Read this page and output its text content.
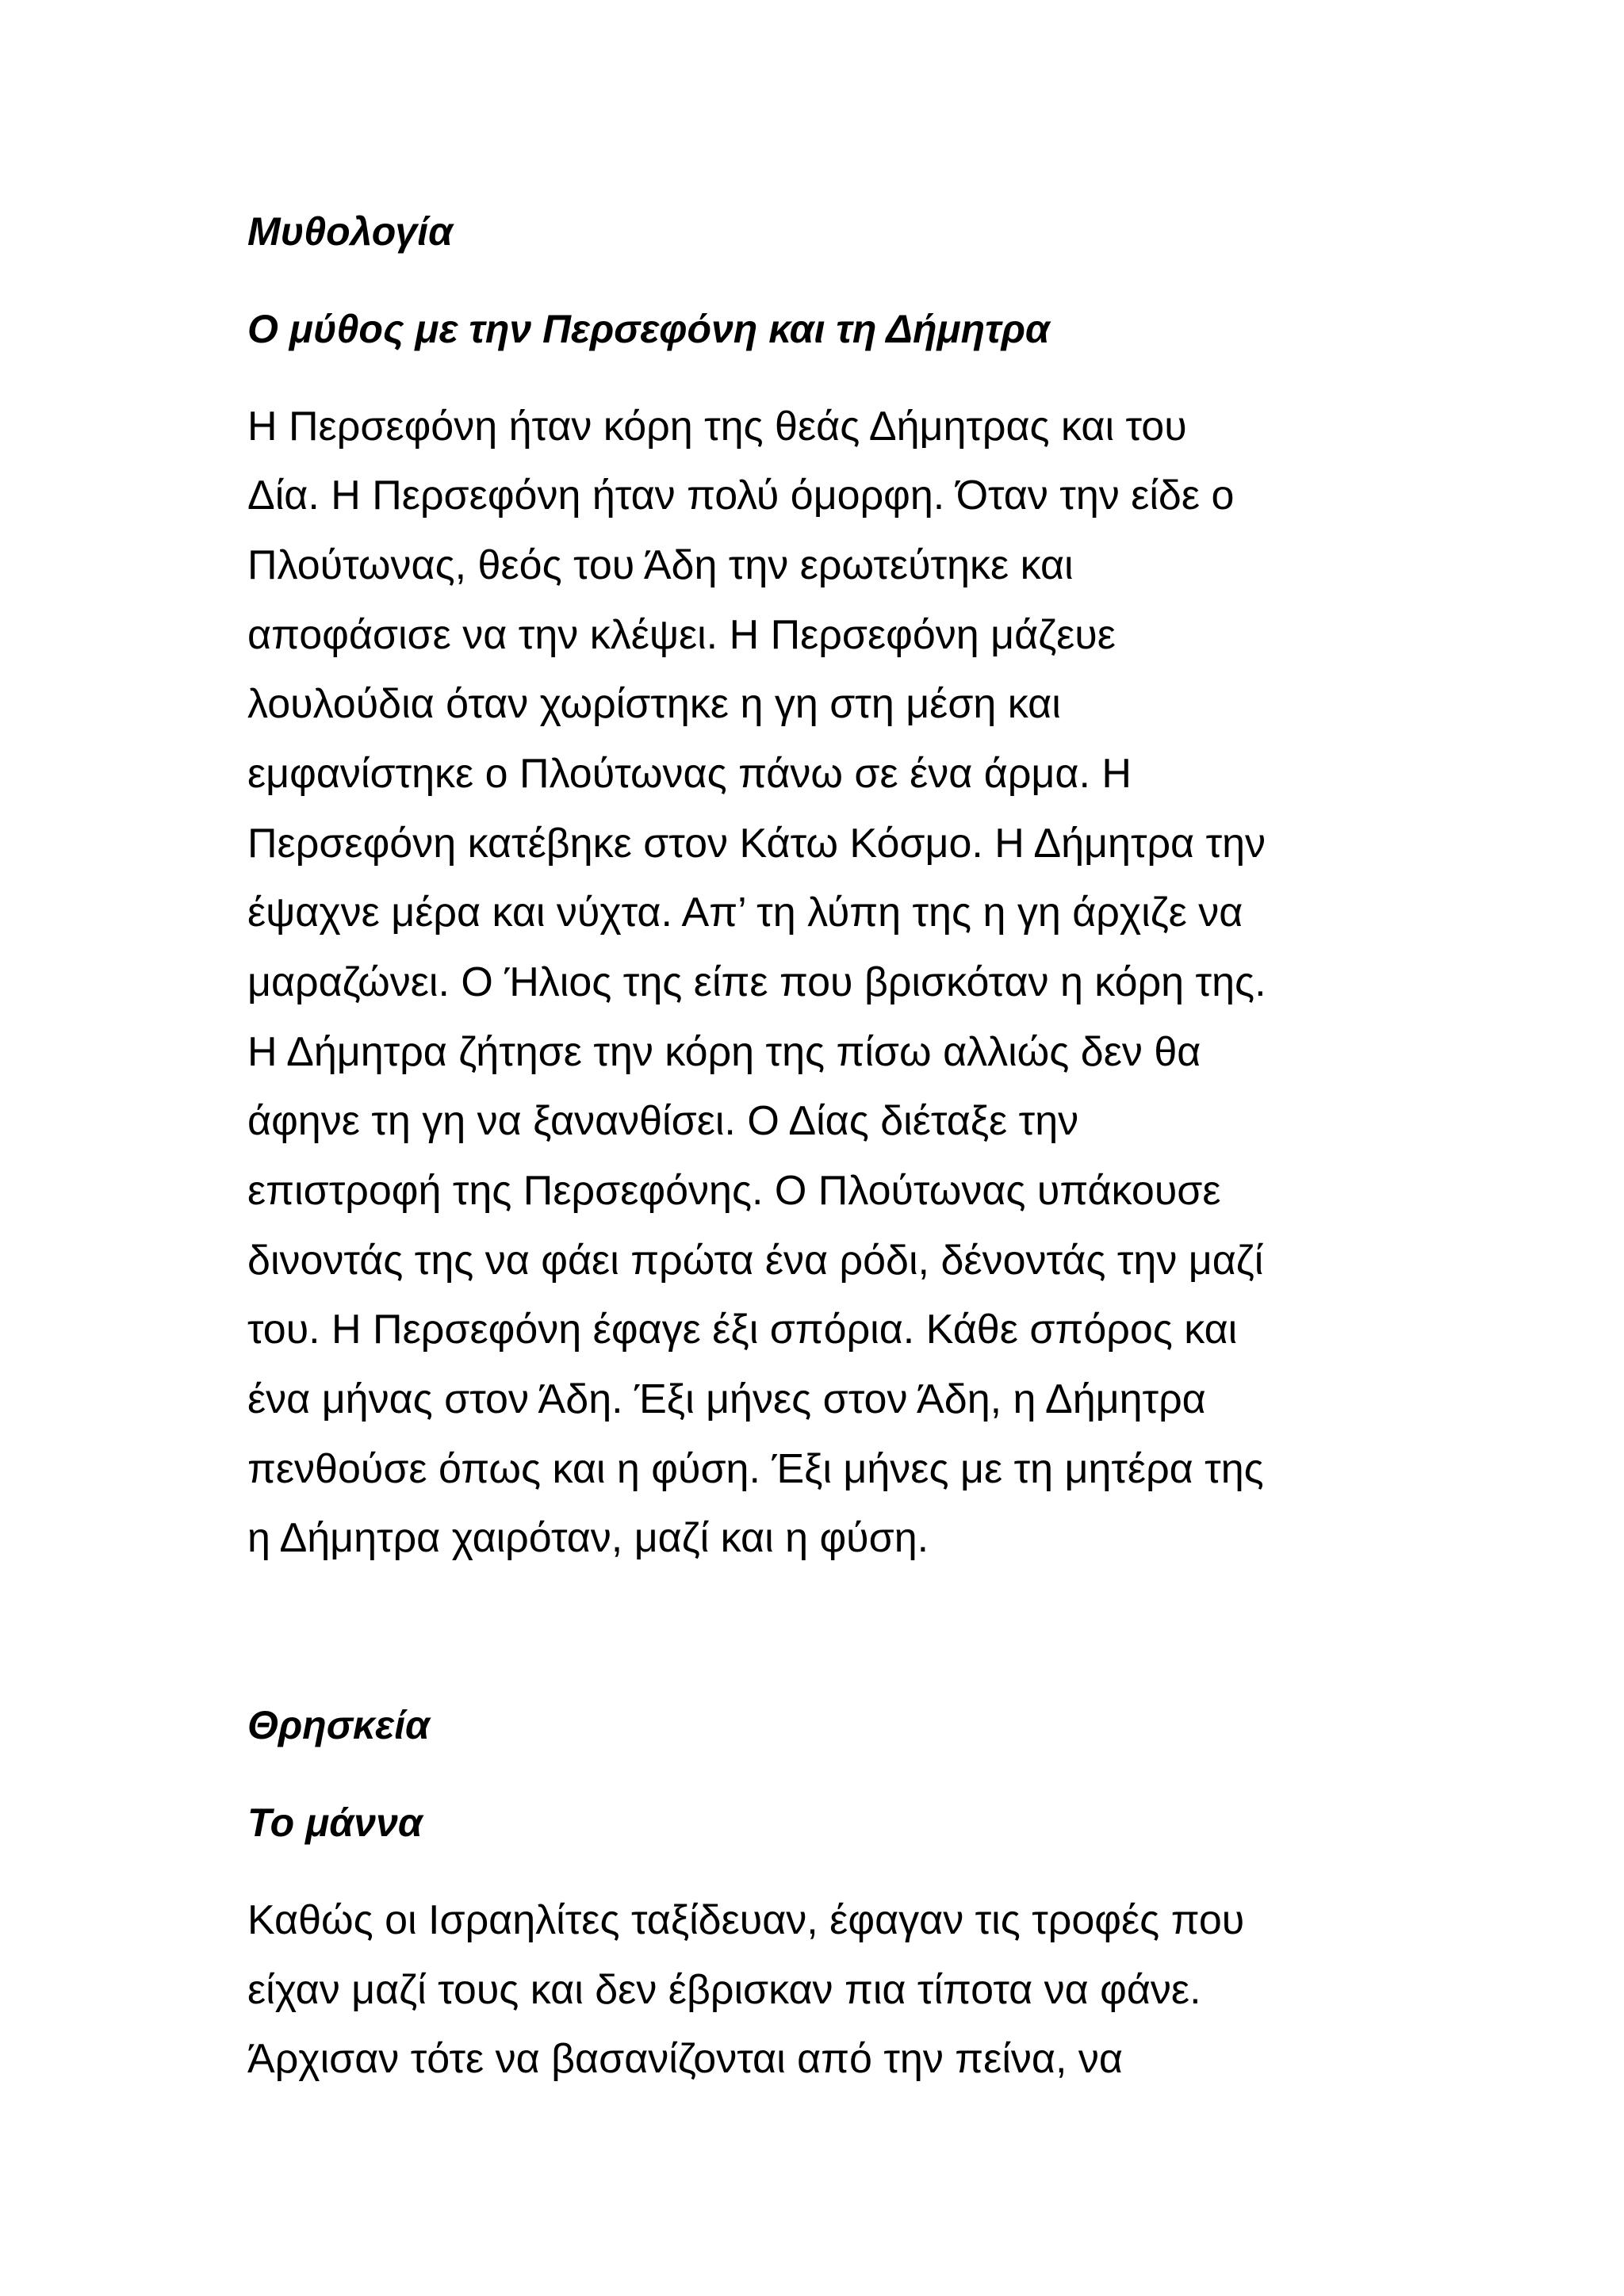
Μυθολογία
Ο μύθος με την Περσεφόνη και τη Δήμητρα

Η Περσεφόνη ήταν κόρη της θεάς Δήμητρας και του

Δία. Η Περσεφόνη ήταν πολύ όμορφη. Όταν την είδε ο

Πλούτωνας, θεός του Άδη την ερωτεύτηκε και

αποφάσισε να την κλέψει. Η Περσεφόνη μάζευε

λουλούδια όταν χωρίστηκε η γη στη μέση και

εμφανίστηκε ο Πλούτωνας πάνω σε ένα άρμα. Η

Περσεφόνη κατέβηκε στον Κάτω Κόσμο. Η Δήμητρα την

έψαχνε μέρα και νύχτα. Απ’ τη λύπη της η γη άρχιζε να

μαραζώνει. Ο Ήλιος της είπε που βρισκόταν η κόρη της.

Η Δήμητρα ζήτησε την κόρη της πίσω αλλιώς δεν θα

άφηνε τη γη να ξανανθίσει. Ο Δίας διέταξε την

επιστροφή της Περσεφόνης. Ο Πλούτωνας υπάκουσε

δινοντάς της να φάει πρώτα ένα ρόδι, δένοντάς την μαζί

του. Η Περσεφόνη έφαγε έξι σπόρια. Κάθε σπόρος και

ένα μήνας στον Άδη. Έξι μήνες στον Άδη, η Δήμητρα

πενθούσε όπως και η φύση. Έξι μήνες με τη μητέρα της

η Δήμητρα χαιρόταν, μαζί και η φύση.

Θρησκεία
Το μάννα

Καθώς οι Ισραηλίτες ταξίδευαν, έφαγαν τις τροφές που

είχαν μαζί τους και δεν έβρισκαν πια τίποτα να φάνε.

Άρχισαν τότε να βασανίζονται από την πείνα, να
